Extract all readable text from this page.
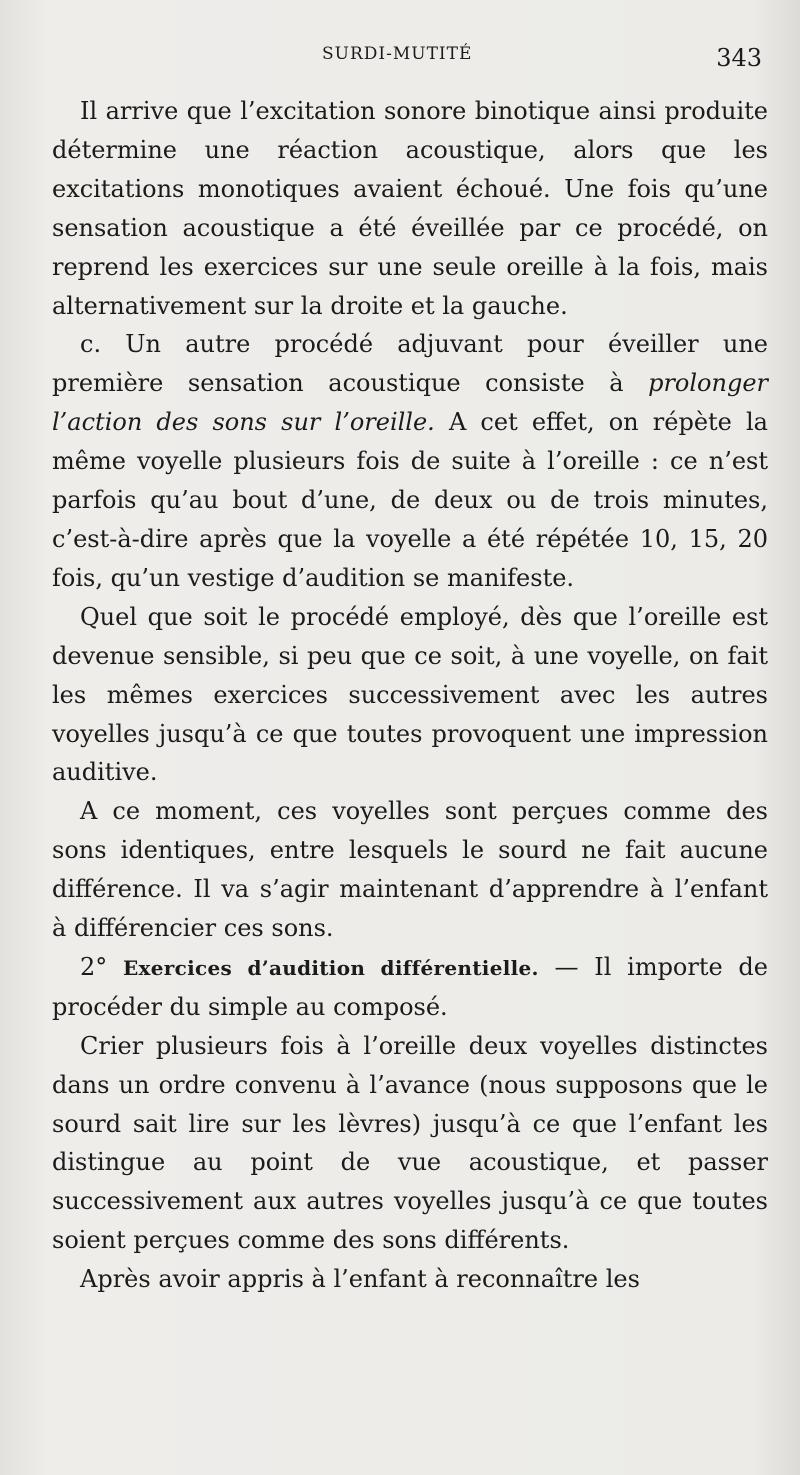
SURDI-MUTITÉ	343

Il arrive que l’excitation sonore binotique ainsi produite détermine une réaction acoustique, alors que les excitations monotiques avaient échoué. Une fois qu’une sensation acoustique a été éveillée par ce procédé, on reprend les exercices sur une seule oreille à la fois, mais alternativement sur la droite et la gauche.

c. Un autre procédé adjuvant pour éveiller une première sensation acoustique consiste à prolonger l’action des sons sur l’oreille. A cet effet, on répète la même voyelle plusieurs fois de suite à l’oreille : ce n’est parfois qu’au bout d’une, de deux ou de trois minutes, c’est-à-dire après que la voyelle a été répétée 10, 15, 20 fois, qu’un vestige d’audition se manifeste.

Quel que soit le procédé employé, dès que l’oreille est devenue sensible, si peu que ce soit, à une voyelle, on fait les mêmes exercices successivement avec les autres voyelles jusqu’à ce que toutes provoquent une impression auditive.

A ce moment, ces voyelles sont perçues comme des sons identiques, entre lesquels le sourd ne fait aucune différence. Il va s’agir maintenant d’apprendre à l’enfant à différencier ces sons.

2° Exercices d’audition différentielle. — Il importe de procéder du simple au composé.

Crier plusieurs fois à l’oreille deux voyelles distinctes dans un ordre convenu à l’avance (nous supposons que le sourd sait lire sur les lèvres) jusqu’à ce que l’enfant les distingue au point de vue acoustique, et passer successivement aux autres voyelles jusqu’à ce que toutes soient perçues comme des sons différents.

Après avoir appris à l’enfant à reconnaître les
